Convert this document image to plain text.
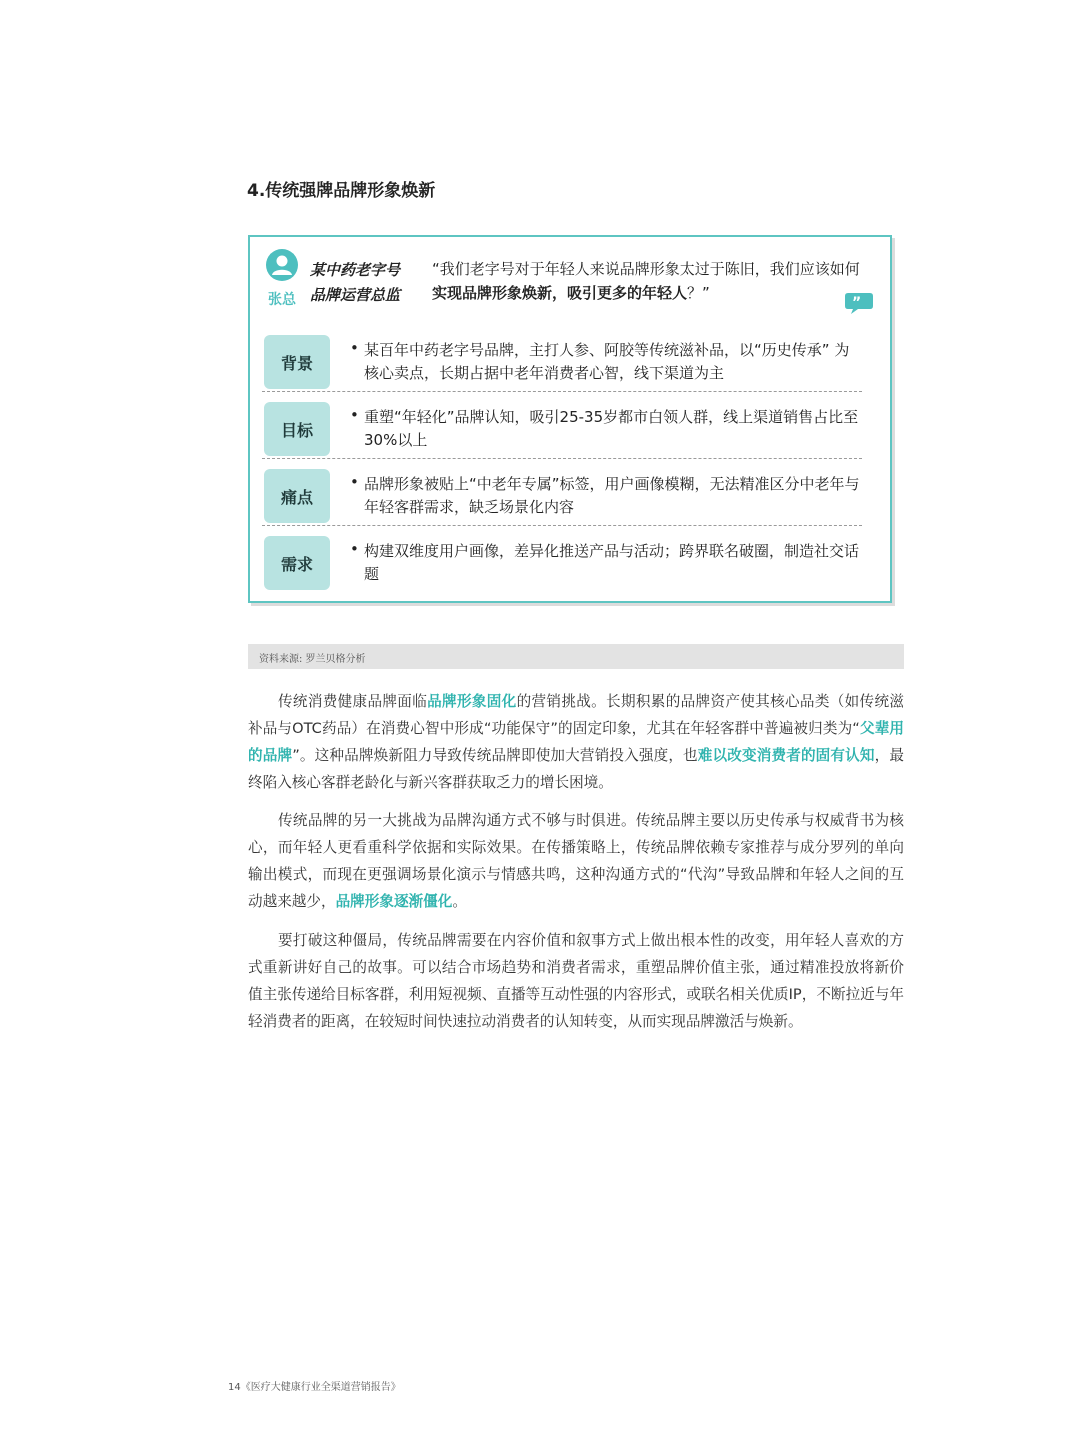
4.传统强牌品牌形象焕新
张总
某中药老字号
品牌运营总监
“我们老字号对于年轻人来说品牌形象太过于陈旧，我们应该如何实现品牌形象焕新，吸引更多的年轻人？”
”
背景
• 某百年中药老字号品牌，主打人参、阿胶等传统滋补品，以“历史传承” 为核心卖点，长期占据中老年消费者心智，线下渠道为主
目标
• 重塑“年轻化”品牌认知，吸引25-35岁都市白领人群，线上渠道销售占比至30%以上
痛点
• 品牌形象被贴上“中老年专属”标签，用户画像模糊，无法精准区分中老年与年轻客群需求，缺乏场景化内容
需求
• 构建双维度用户画像，差异化推送产品与活动；跨界联名破圈，制造社交话题
资料来源: 罗兰贝格分析

传统消费健康品牌面临品牌形象固化的营销挑战。长期积累的品牌资产使其核心品类（如传统滋补品与OTC药品）在消费心智中形成“功能保守”的固定印象，尤其在年轻客群中普遍被归类为“父辈用的品牌”。这种品牌焕新阻力导致传统品牌即使加大营销投入强度，也难以改变消费者的固有认知，最终陷入核心客群老龄化与新兴客群获取乏力的增长困境。

传统品牌的另一大挑战为品牌沟通方式不够与时俱进。传统品牌主要以历史传承与权威背书为核心，而年轻人更看重科学依据和实际效果。在传播策略上，传统品牌依赖专家推荐与成分罗列的单向输出模式，而现在更强调场景化演示与情感共鸣，这种沟通方式的“代沟”导致品牌和年轻人之间的互动越来越少，品牌形象逐渐僵化。

要打破这种僵局，传统品牌需要在内容价值和叙事方式上做出根本性的改变，用年轻人喜欢的方式重新讲好自己的故事。可以结合市场趋势和消费者需求，重塑品牌价值主张，通过精准投放将新价值主张传递给目标客群，利用短视频、直播等互动性强的内容形式，或联名相关优质IP，不断拉近与年轻消费者的距离，在较短时间快速拉动消费者的认知转变，从而实现品牌激活与焕新。

14《医疗大健康行业全渠道营销报告》
